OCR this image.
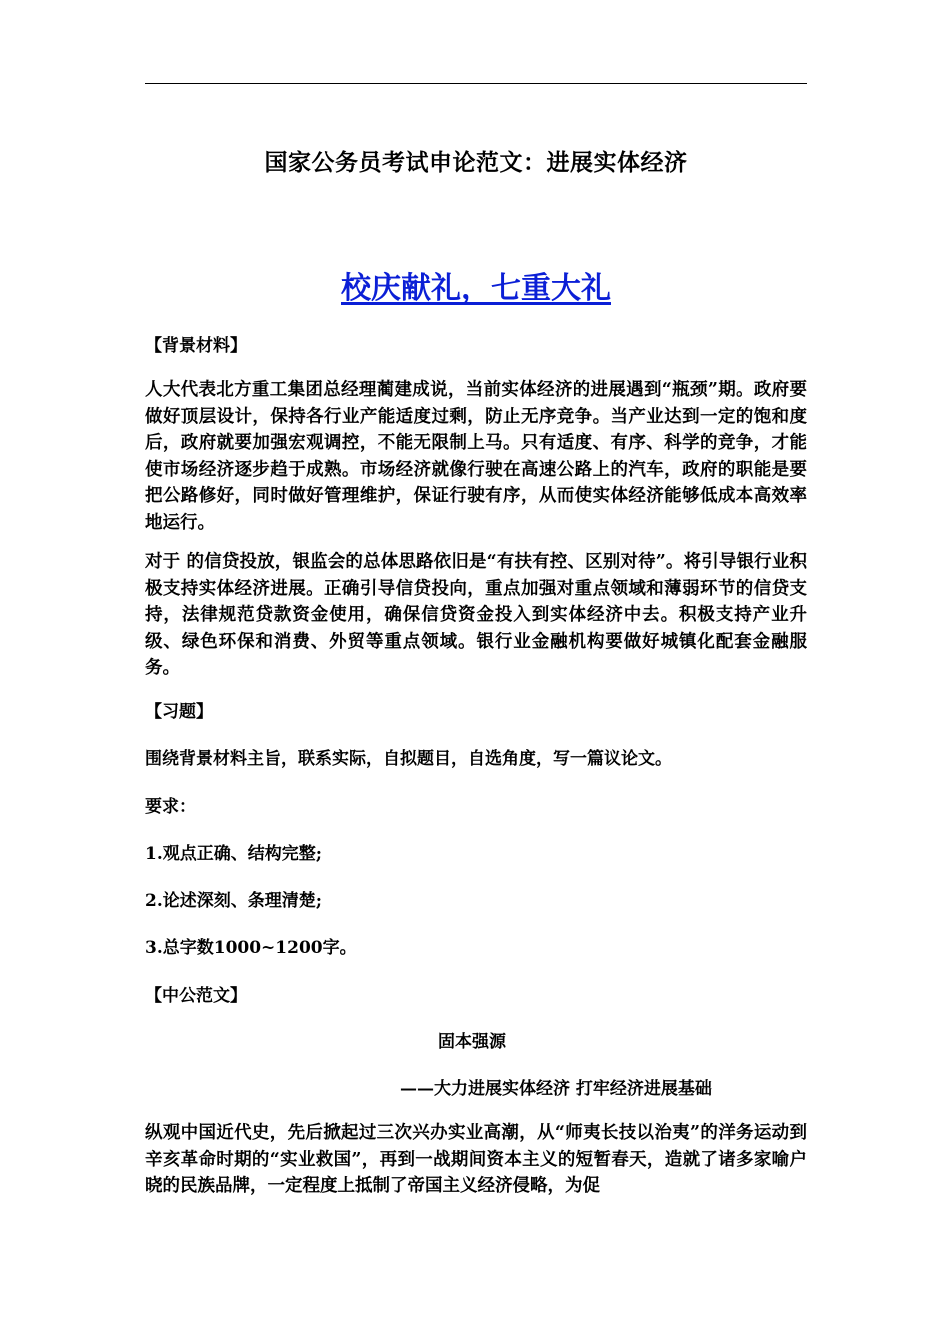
国家公务员考试申论范文：进展实体经济
校庆献礼，七重大礼
【背景材料】
人大代表北方重工集团总经理蔺建成说，当前实体经济的进展遇到“瓶颈”期。政府要做好顶层设计，保持各行业产能适度过剩，防止无序竞争。当产业达到一定的饱和度后，政府就要加强宏观调控，不能无限制上马。只有适度、有序、科学的竞争，才能使市场经济逐步趋于成熟。市场经济就像行驶在高速公路上的汽车，政府的职能是要把公路修好，同时做好管理维护，保证行驶有序，从而使实体经济能够低成本高效率地运行。
对于 的信贷投放，银监会的总体思路依旧是“有扶有控、区别对待”。将引导银行业积极支持实体经济进展。正确引导信贷投向，重点加强对重点领域和薄弱环节的信贷支持，法律规范贷款资金使用，确保信贷资金投入到实体经济中去。积极支持产业升级、绿色环保和消费、外贸等重点领域。银行业金融机构要做好城镇化配套金融服务。
【习题】
围绕背景材料主旨，联系实际，自拟题目，自选角度，写一篇议论文。
要求：
1.观点正确、结构完整;
2.论述深刻、条理清楚;
3.总字数1000~1200字。
【中公范文】
固本强源
——大力进展实体经济 打牢经济进展基础
纵观中国近代史，先后掀起过三次兴办实业高潮，从“师夷长技以治夷”的洋务运动到辛亥革命时期的“实业救国”，再到一战期间资本主义的短暂春天，造就了诸多家喻户晓的民族品牌，一定程度上抵制了帝国主义经济侵略，为促
